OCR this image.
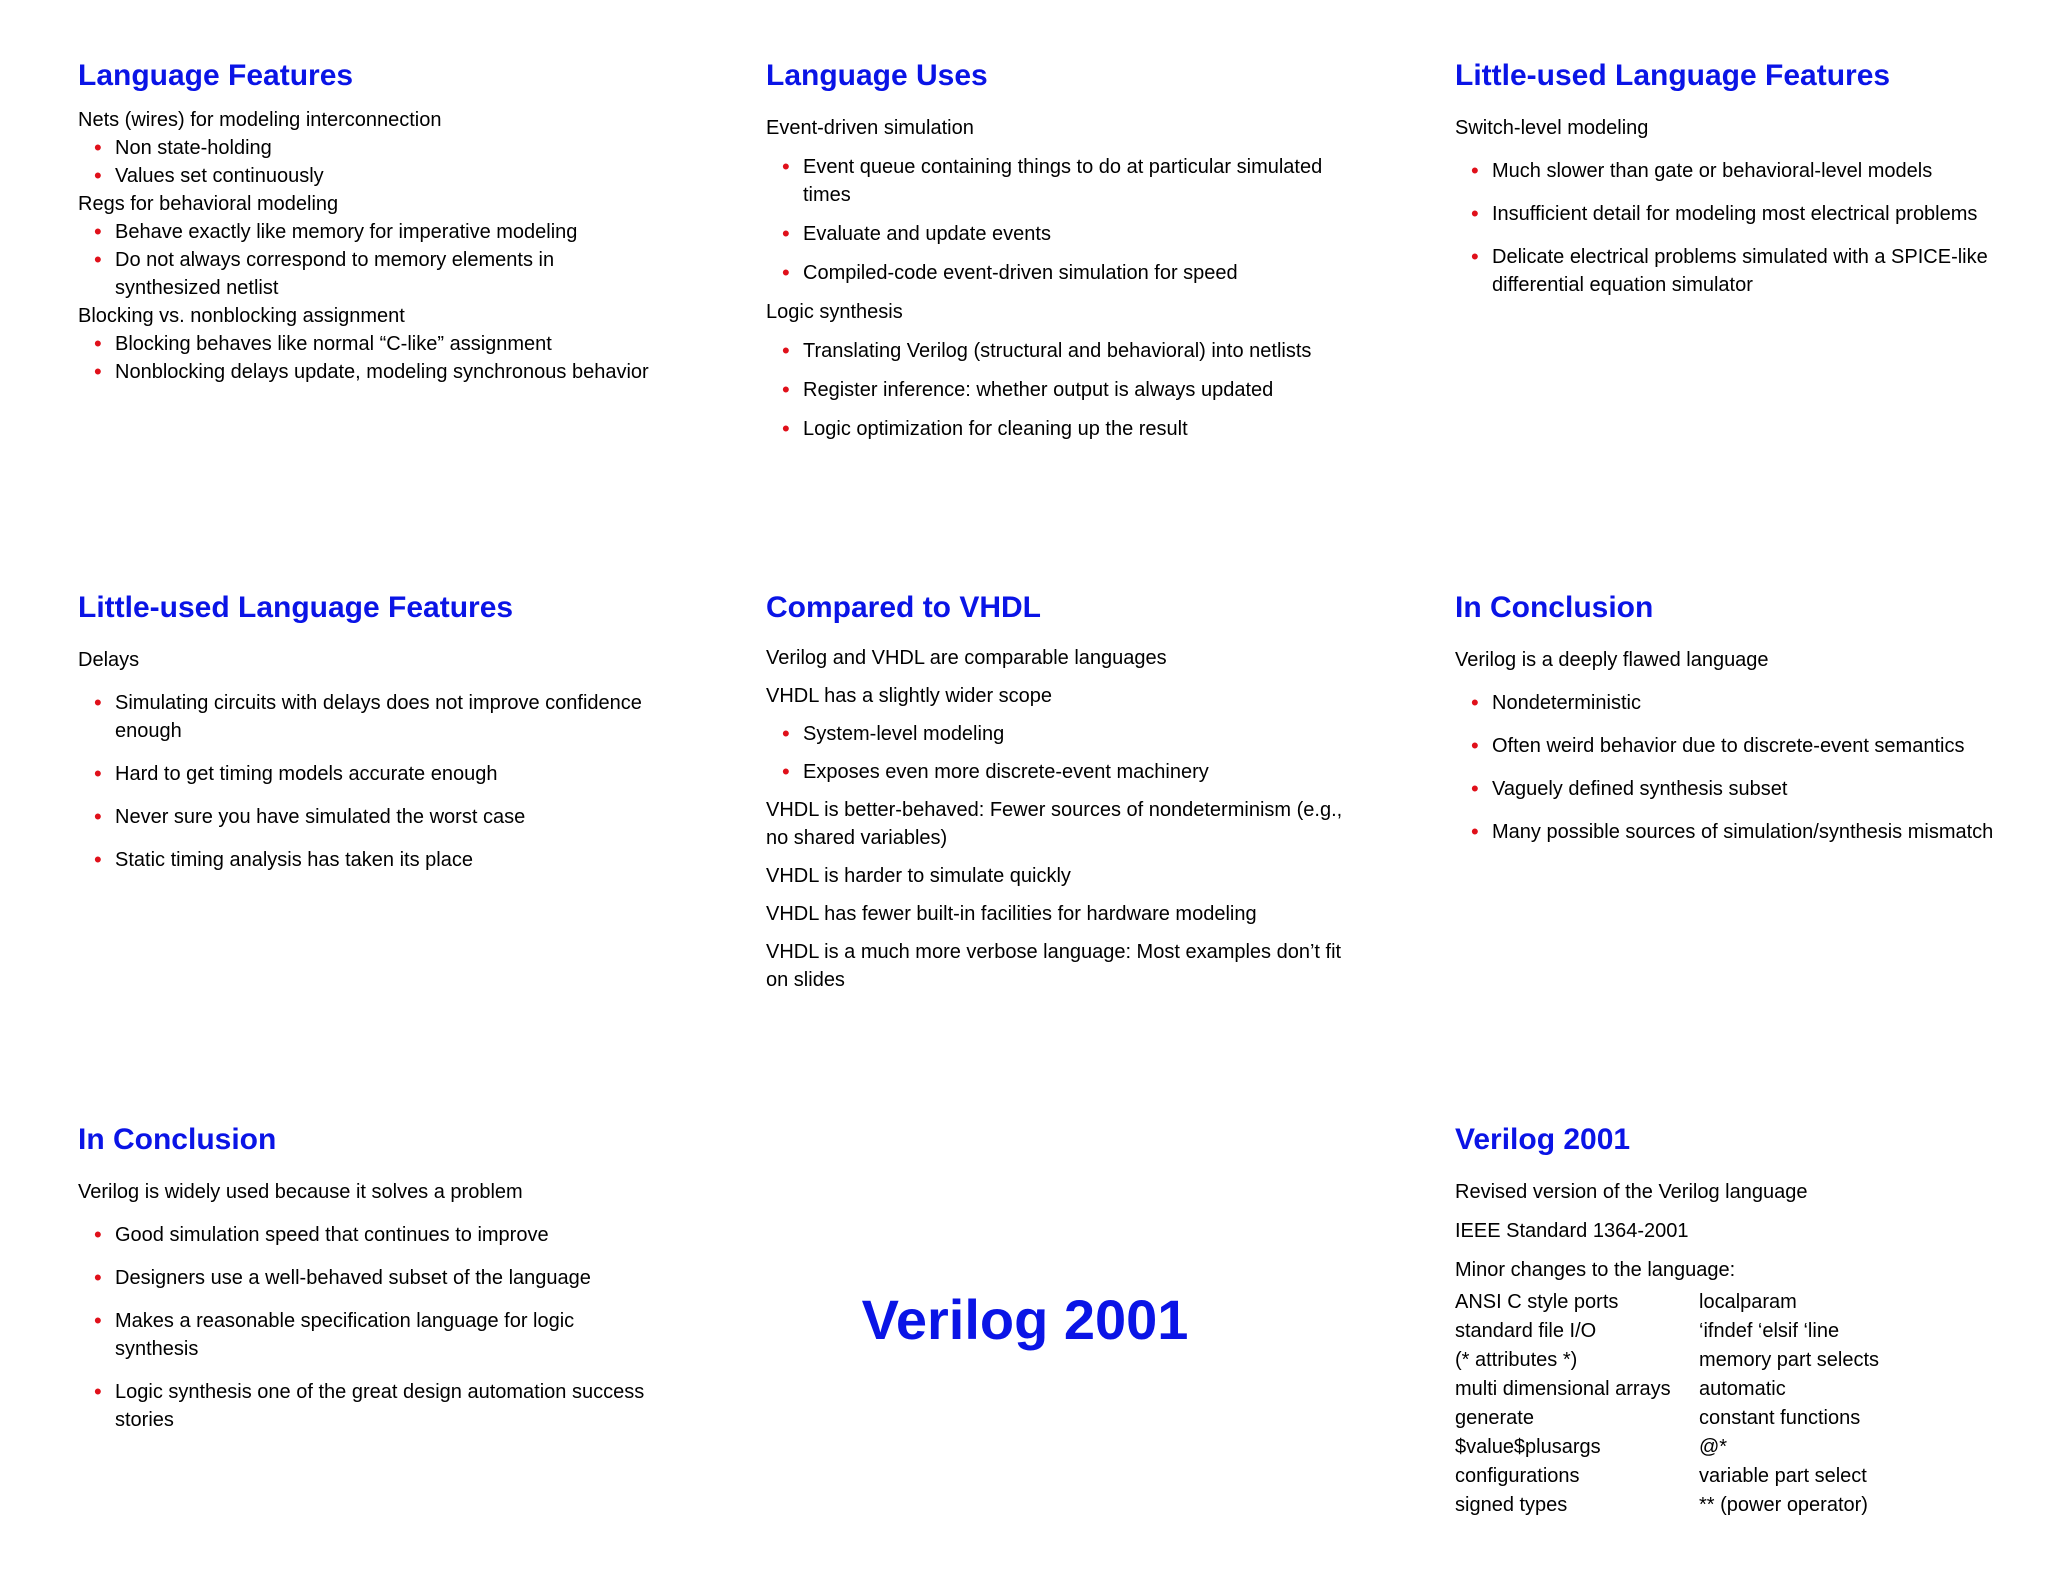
Language Features
Nets (wires) for modeling interconnection
• Non state-holding
• Values set continuously
Regs for behavioral modeling
• Behave exactly like memory for imperative modeling
• Do not always correspond to memory elements in synthesized netlist
Blocking vs. nonblocking assignment
• Blocking behaves like normal “C-like” assignment
• Nonblocking delays update, modeling synchronous behavior
Language Uses
Event-driven simulation
• Event queue containing things to do at particular simulated times
• Evaluate and update events
• Compiled-code event-driven simulation for speed
Logic synthesis
• Translating Verilog (structural and behavioral) into netlists
• Register inference: whether output is always updated
• Logic optimization for cleaning up the result
Little-used Language Features
Switch-level modeling
• Much slower than gate or behavioral-level models
• Insufficient detail for modeling most electrical problems
• Delicate electrical problems simulated with a SPICE-like differential equation simulator
Little-used Language Features
Delays
• Simulating circuits with delays does not improve confidence enough
• Hard to get timing models accurate enough
• Never sure you have simulated the worst case
• Static timing analysis has taken its place
Compared to VHDL
Verilog and VHDL are comparable languages
VHDL has a slightly wider scope
• System-level modeling
• Exposes even more discrete-event machinery
VHDL is better-behaved: Fewer sources of nondeterminism (e.g., no shared variables)
VHDL is harder to simulate quickly
VHDL has fewer built-in facilities for hardware modeling
VHDL is a much more verbose language: Most examples don’t fit on slides
In Conclusion
Verilog is a deeply flawed language
• Nondeterministic
• Often weird behavior due to discrete-event semantics
• Vaguely defined synthesis subset
• Many possible sources of simulation/synthesis mismatch
In Conclusion
Verilog is widely used because it solves a problem
• Good simulation speed that continues to improve
• Designers use a well-behaved subset of the language
• Makes a reasonable specification language for logic synthesis
• Logic synthesis one of the great design automation success stories
Verilog 2001
Verilog 2001
Revised version of the Verilog language
IEEE Standard 1364-2001
Minor changes to the language:
ANSI C style ports	localparam
standard file I/O	‘ifndef ‘elsif ‘line
(* attributes *)	memory part selects
multi dimensional arrays	automatic
generate	constant functions
$value$plusargs	@*
configurations	variable part select
signed types	** (power operator)
